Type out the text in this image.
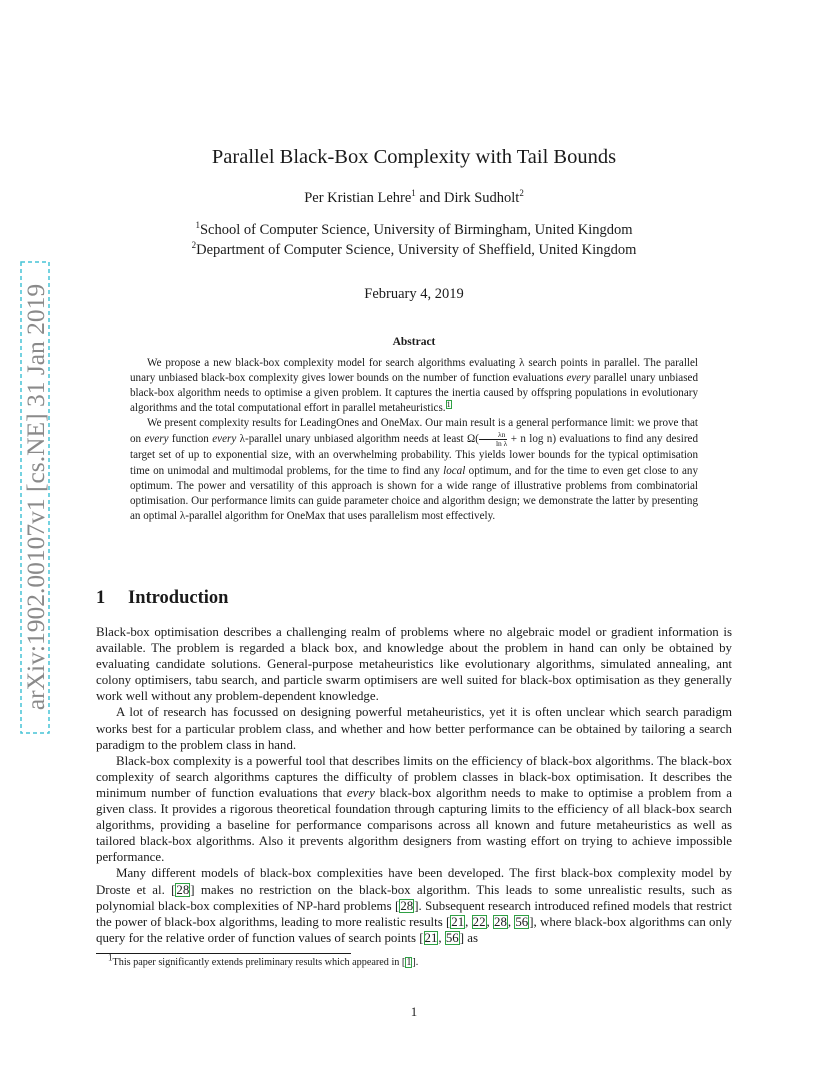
arXiv:1902.00107v1 [cs.NE] 31 Jan 2019
Parallel Black-Box Complexity with Tail Bounds
Per Kristian Lehre$^1$ and Dirk Sudholt$^2$
$^1$School of Computer Science, University of Birmingham, United Kingdom
$^2$Department of Computer Science, University of Sheffield, United Kingdom
February 4, 2019
Abstract

We propose a new black-box complexity model for search algorithms evaluating λ search points in parallel. The parallel unary unbiased black-box complexity gives lower bounds on the number of function evaluations every parallel unary unbiased black-box algorithm needs to optimise a given problem. It captures the inertia caused by offspring populations in evolutionary algorithms and the total computational effort in parallel metaheuristics.$^1$

We present complexity results for LeadingOnes and OneMax. Our main result is a general performance limit: we prove that on every function every λ-parallel unary unbiased algorithm needs at least $\Omega( \frac{\lambda n}{\text{ln λ}} + n$ log n) evaluations to find any desired target set of up to exponential size, with an overwhelming probability. This yields lower bounds for the typical optimisation time on unimodal and multimodal problems, for the time to find any local optimum, and for the time to even get close to any optimum. The power and versatility of this approach is shown for a wide range of illustrative problems from combinatorial optimisation. Our performance limits can guide parameter choice and algorithm design; we demonstrate the latter by presenting an optimal λ-parallel algorithm for OneMax that uses parallelism most effectively.

1 Introduction

Black-box optimisation describes a challenging realm of problems where no algebraic model or gradient information is available. The problem is regarded a black box, and knowledge about the problem in hand can only be obtained by evaluating candidate solutions. General-purpose metaheuristics like evolutionary algorithms, simulated annealing, ant colony optimisers, tabu search, and particle swarm optimisers are well suited for black-box optimisation as they generally work well without any problem-dependent knowledge.

A lot of research has focussed on designing powerful metaheuristics, yet it is often unclear which search paradigm works best for a particular problem class, and whether and how better performance can be obtained by tailoring a search paradigm to the problem class in hand.

Black-box complexity is a powerful tool that describes limits on the efficiency of black-box algorithms. The black-box complexity of search algorithms captures the difficulty of problem classes in black-box optimisation. It describes the minimum number of function evaluations that every black-box algorithm needs to make to optimise a problem from a given class. It provides a rigorous theoretical foundation through capturing limits to the efficiency of all black-box search algorithms, providing a baseline for performance comparisons across all known and future metaheuristics as well as tailored black-box algorithms. Also it prevents algorithm designers from wasting effort on trying to achieve impossible performance.

Many different models of black-box complexities have been developed. The first black-box complexity model by Droste et al. [28] makes no restriction on the black-box algorithm. This leads to some unrealistic results, such as polynomial black-box complexities of NP-hard problems [28]. Subsequent research introduced refined models that restrict the power of black-box algorithms, leading to more realistic results [21, 22, 28, 56], where black-box algorithms can only query for the relative order of function values of search points [21, 56] as

$^1$This paper significantly extends preliminary results which appeared in [1].
1
